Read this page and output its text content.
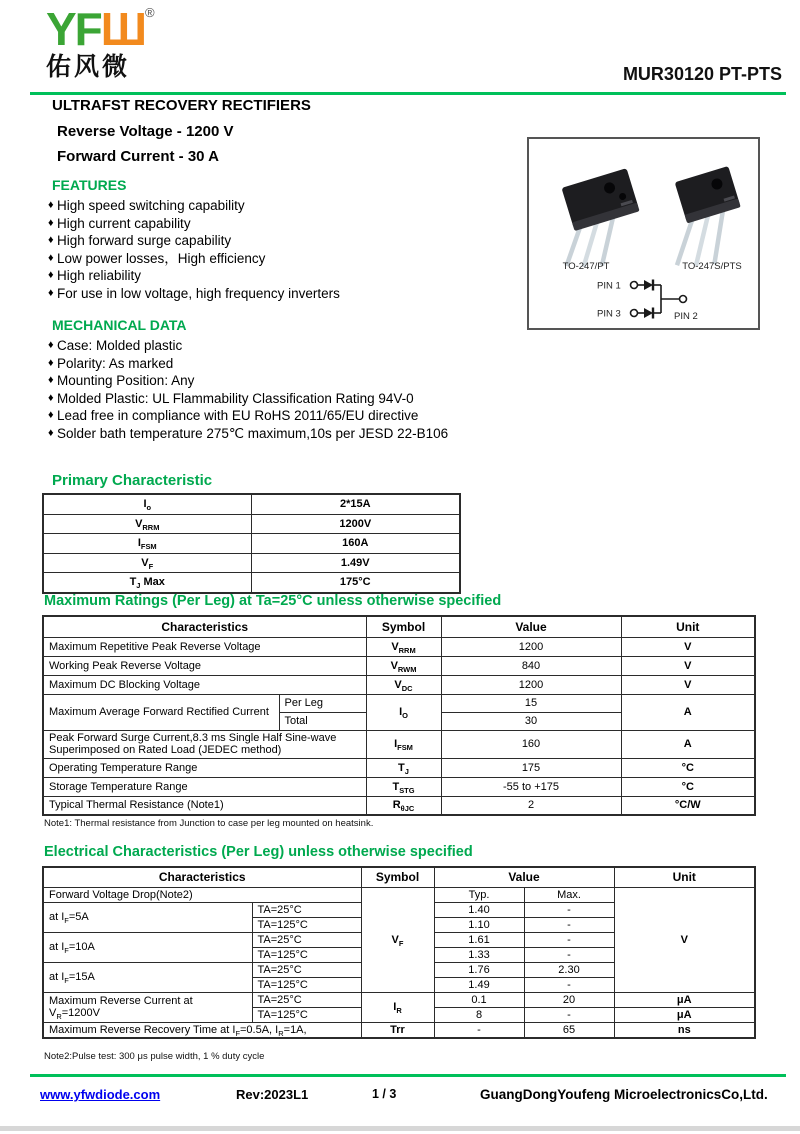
YFШ®
佑风微	MUR30120 PT-PTS
ULTRAFST RECOVERY RECTIFIERS
Reverse Voltage - 1200 V
Forward Current - 30 A
FEATURES
♦ High speed switching capability
♦ High current capability
♦ High forward surge capability
♦ Low power losses，High efficiency
♦ High reliability
♦ For use in low voltage, high frequency inverters
MECHANICAL DATA
♦ Case: Molded plastic
♦ Polarity: As marked
♦ Mounting Position: Any
♦ Molded Plastic: UL Flammability Classification Rating 94V-0
♦ Lead free in compliance with EU RoHS 2011/65/EU directive
♦ Solder bath temperature 275℃ maximum,10s per JESD 22-B106
TO-247/PT	TO-247S/PTS
PIN 1
PIN 3	PIN 2
Primary Characteristic
$I_o$	2*15A
$V_{RRM}$	1200V
$I_{FSM}$	160A
$V_F$	1.49V
$T_J$ Max	175°C
Maximum Ratings (Per Leg) at Ta=25°C unless otherwise specified
Characteristics		Symbol	Value	Unit
Maximum Repetitive Peak Reverse Voltage		$V_{RRM}$	1200	V
Working Peak Reverse Voltage		$V_{RWM}$	840	V
Maximum DC Blocking Voltage		$V_{DC}$	1200	V
Maximum Average Forward Rectified Current	Per Leg	$I_O$	15	A
	Total		30	
Peak Forward Surge Current,8.3 ms Single Half Sine-wave Superimposed on Rated Load (JEDEC method)		$I_{FSM}$	160	A
Operating Temperature Range		$T_J$	175	°C
Storage Temperature Range		$T_{STG}$	-55 to +175	°C
Typical Thermal Resistance (Note1)		$R_{\theta JC}$	2	°C/W
Note1: Thermal resistance from Junction to case per leg mounted on heatsink.
Electrical Characteristics (Per Leg) unless otherwise specified
Characteristics		Symbol	Value		Unit
Forward Voltage Drop(Note2)		$V_F$	Typ.	Max.	V
at $I_F=5A$	TA=25°C		1.40	-	
	TA=125°C		1.10	-	
at $I_F=10A$	TA=25°C		1.61	-	
	TA=125°C		1.33	-	
at $I_F=15A$	TA=25°C		1.76	2.30	
	TA=125°C		1.49	-	
Maximum Reverse Current at
$V_R=1200V$	TA=25°C	$I_R$	0.1	20	μA
	TA=125°C		8	-	μA
Maximum Reverse Recovery Time at $I_F=0.5A$, $I_R=1A$,		Trr	-	65	ns
Note2:Pulse test: 300 μs pulse width, 1 % duty cycle
www.yfwdiode.com	Rev:2023L1	1 / 3	GuangDongYoufeng MicroelectronicsCo,Ltd.
